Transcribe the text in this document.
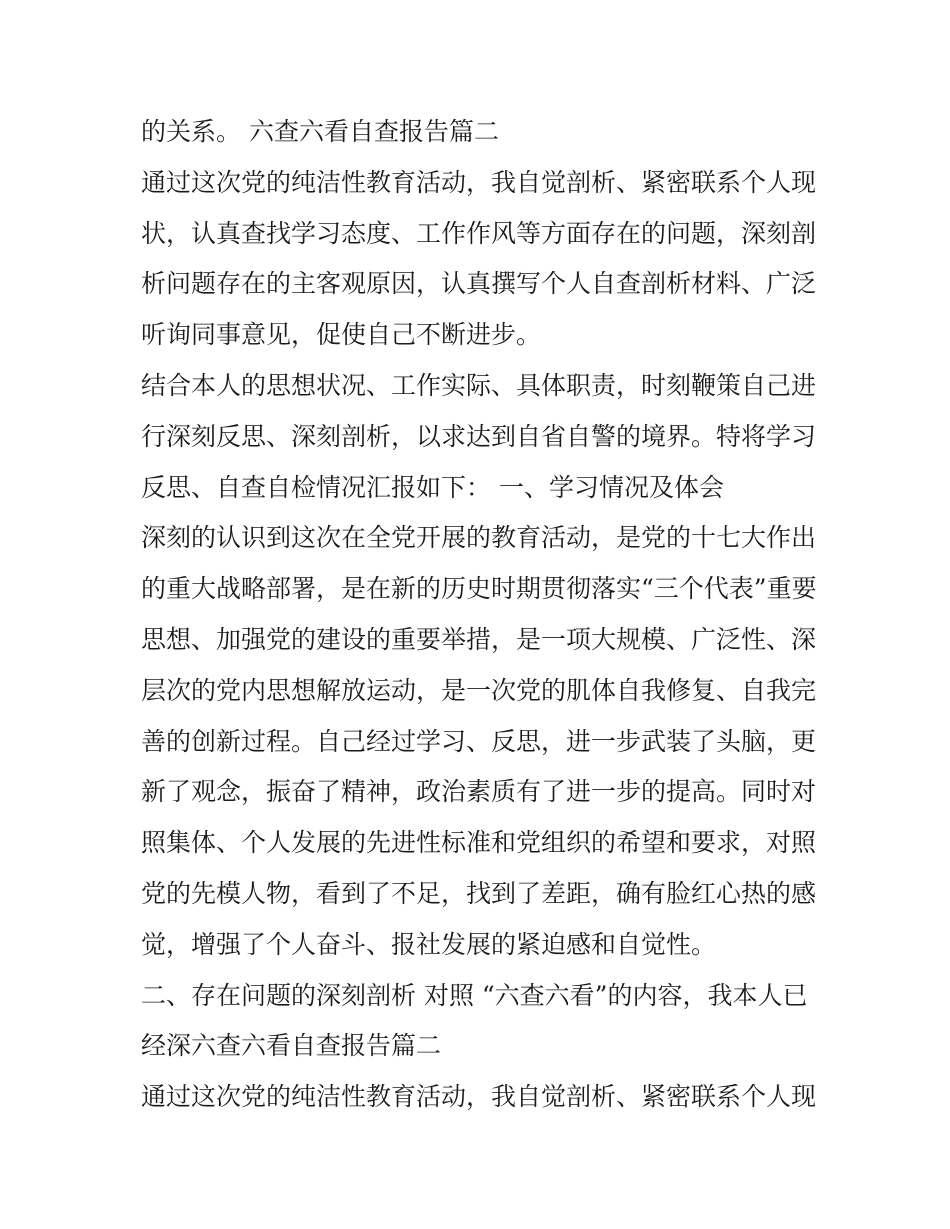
的关系。 六查六看自查报告篇二
通过这次党的纯洁性教育活动，我自觉剖析、紧密联系个人现
状，认真查找学习态度、工作作风等方面存在的问题，深刻剖
析问题存在的主客观原因，认真撰写个人自查剖析材料、广泛
听询同事意见，促使自己不断进步。
结合本人的思想状况、工作实际、具体职责，时刻鞭策自己进
行深刻反思、深刻剖析，以求达到自省自警的境界。特将学习
反思、自查自检情况汇报如下： 一、学习情况及体会
深刻的认识到这次在全党开展的教育活动，是党的十七大作出
的重大战略部署，是在新的历史时期贯彻落实“三个代表”重要
思想、加强党的建设的重要举措，是一项大规模、广泛性、深
层次的党内思想解放运动，是一次党的肌体自我修复、自我完
善的创新过程。自己经过学习、反思，进一步武装了头脑，更
新了观念，振奋了精神，政治素质有了进一步的提高。同时对
照集体、个人发展的先进性标准和党组织的希望和要求，对照
党的先模人物，看到了不足，找到了差距，确有脸红心热的感
觉，增强了个人奋斗、报社发展的紧迫感和自觉性。
二、存在问题的深刻剖析 对照 “六查六看”的内容，我本人已
经深六查六看自查报告篇二
通过这次党的纯洁性教育活动，我自觉剖析、紧密联系个人现
